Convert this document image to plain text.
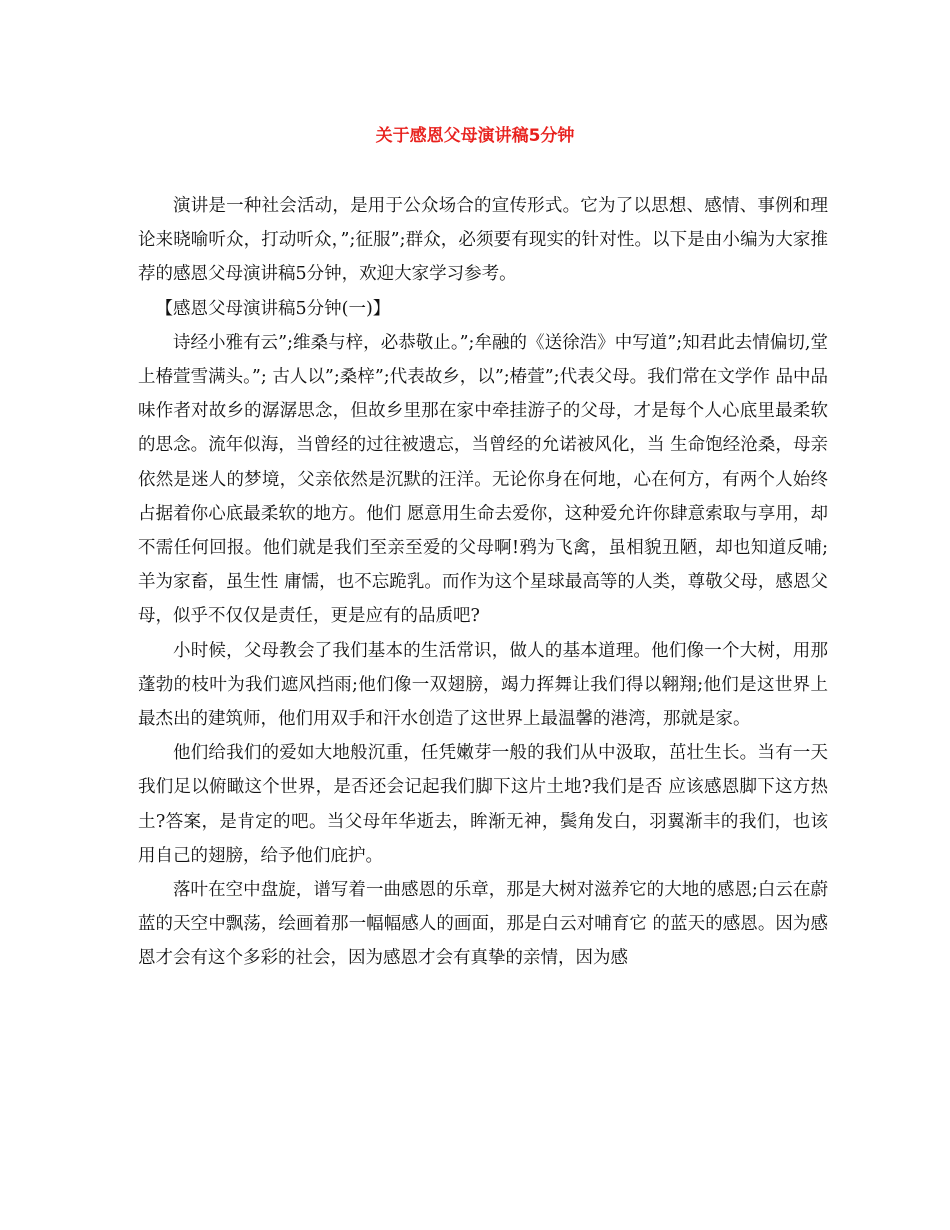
关于感恩父母演讲稿5分钟

演讲是一种社会活动，是用于公众场合的宣传形式。它为了以思想、感情、事例和理论来晓喻听众，打动听众，”;征服”;群众，必须要有现实的针对性。以下是由小编为大家推荐的感恩父母演讲稿5分钟，欢迎大家学习参考。

【感恩父母演讲稿5分钟(一)】

诗经小雅有云”;维桑与梓，必恭敬止。”;牟融的《送徐浩》中写道”;知君此去情偏切,堂上椿萱雪满头。”; 古人以”;桑梓”;代表故乡，以”;椿萱”;代表父母。我们常在文学作 品中品味作者对故乡的潺潺思念，但故乡里那在家中牵挂游子的父母，才是每个人心底里最柔软的思念。流年似海，当曾经的过往被遗忘，当曾经的允诺被风化，当 生命饱经沧桑，母亲依然是迷人的梦境，父亲依然是沉默的汪洋。无论你身在何地，心在何方，有两个人始终占据着你心底最柔软的地方。他们 愿意用生命去爱你，这种爱允许你肆意索取与享用，却不需任何回报。他们就是我们至亲至爱的父母啊!鸦为飞禽，虽相貌丑陋，却也知道反哺;羊为家畜，虽生性 庸懦，也不忘跪乳。而作为这个星球最高等的人类，尊敬父母，感恩父母，似乎不仅仅是责任，更是应有的品质吧?

小时候，父母教会了我们基本的生活常识，做人的基本道理。他们像一个大树，用那蓬勃的枝叶为我们遮风挡雨;他们像一双翅膀，竭力挥舞让我们得以翱翔;他们是这世界上最杰出的建筑师，他们用双手和汗水创造了这世界上最温馨的港湾，那就是家。

他们给我们的爱如大地般沉重，任凭嫩芽一般的我们从中汲取，茁壮生长。当有一天我们足以俯瞰这个世界，是否还会记起我们脚下这片土地?我们是否 应该感恩脚下这方热土?答案，是肯定的吧。当父母年华逝去，眸渐无神，鬓角发白，羽翼渐丰的我们，也该用自己的翅膀，给予他们庇护。

落叶在空中盘旋，谱写着一曲感恩的乐章，那是大树对滋养它的大地的感恩;白云在蔚蓝的天空中飘荡，绘画着那一幅幅感人的画面，那是白云对哺育它 的蓝天的感恩。因为感恩才会有这个多彩的社会，因为感恩才会有真挚的亲情，因为感
